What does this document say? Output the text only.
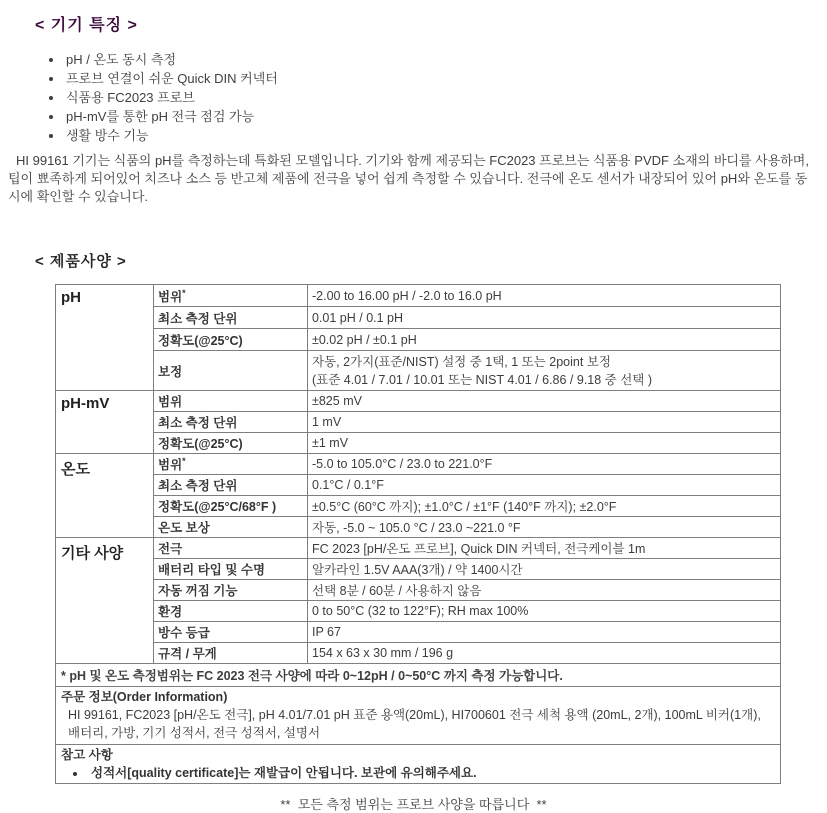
< 기기 특징 >
• pH / 온도 동시 측정
• 프로브 연결이 쉬운 Quick DIN 커넥터
• 식품용 FC2023 프로브
• pH-mV를 통한 pH 전극 점검 가능
• 생활 방수 기능

HI 99161 기기는 식품의 pH를 측정하는데 특화된 모델입니다. 기기와 함께 제공되는 FC2023 프로브는 식품용 PVDF 소재의 바디를 사용하며, 팁이 뾰족하게 되어있어 치즈나 소스 등 반고체 제품에 전극을 넣어 쉽게 측정할 수 있습니다. 전극에 온도 센서가 내장되어 있어 pH와 온도를 동시에 확인할 수 있습니다.

< 제품사양 >
pH	범위*	-2.00 to 16.00 pH / -2.0 to 16.0 pH
	최소 측정 단위	0.01 pH / 0.1 pH
	정확도(@25°C)	±0.02 pH / ±0.1 pH
	보정	자동, 2가지(표준/NIST) 설정 중 1택, 1 또는 2point 보정
(표준 4.01 / 7.01 / 10.01 또는 NIST 4.01 / 6.86 / 9.18 중 선택 )

pH-mV	범위	±825 mV
	최소 측정 단위	1 mV
	정확도(@25°C)	±1 mV
온도	범위*	-5.0 to 105.0°C / 23.0 to 221.0°F
	최소 측정 단위	0.1°C / 0.1°F
	정확도(@25°C/68°F )	±0.5°C (60°C 까지); ±1.0°C / ±1°F (140°F 까지); ±2.0°F
	온도 보상	자동, -5.0 ~ 105.0 °C / 23.0 ~221.0 °F
기타 사양	전극	FC 2023 [pH/온도 프로브], Quick DIN 커넥터, 전극케이블 1m
	배터리 타입 및 수명	알카라인 1.5V AAA(3개) / 약 1400시간
	자동 꺼짐 기능	선택 8분 / 60분 / 사용하지 않음
	환경	0 to 50°C (32 to 122°F); RH max 100%
	방수 등급	IP 67
	규격 / 무게	154 x 63 x 30 mm / 196 g
* pH 및 온도 측정범위는 FC 2023 전극 사양에 따라 0~12pH / 0~50°C 까지 측정 가능합니다.		

주문 정보(Order Information)
HI 99161, FC2023 [pH/온도 전극], pH 4.01/7.01 pH 표준 용액(20mL), HI700601 전극 세척 용액 (20mL, 2개), 100mL 비커(1개), 배터리, 가방, 기기 성적서, 전극 성적서, 설명서		

참고 사항
• 성적서[quality certificate]는 재발급이 안됩니다. 보관에 유의해주세요.
**  모든 측정 범위는 프로브 사양을 따릅니다  **
